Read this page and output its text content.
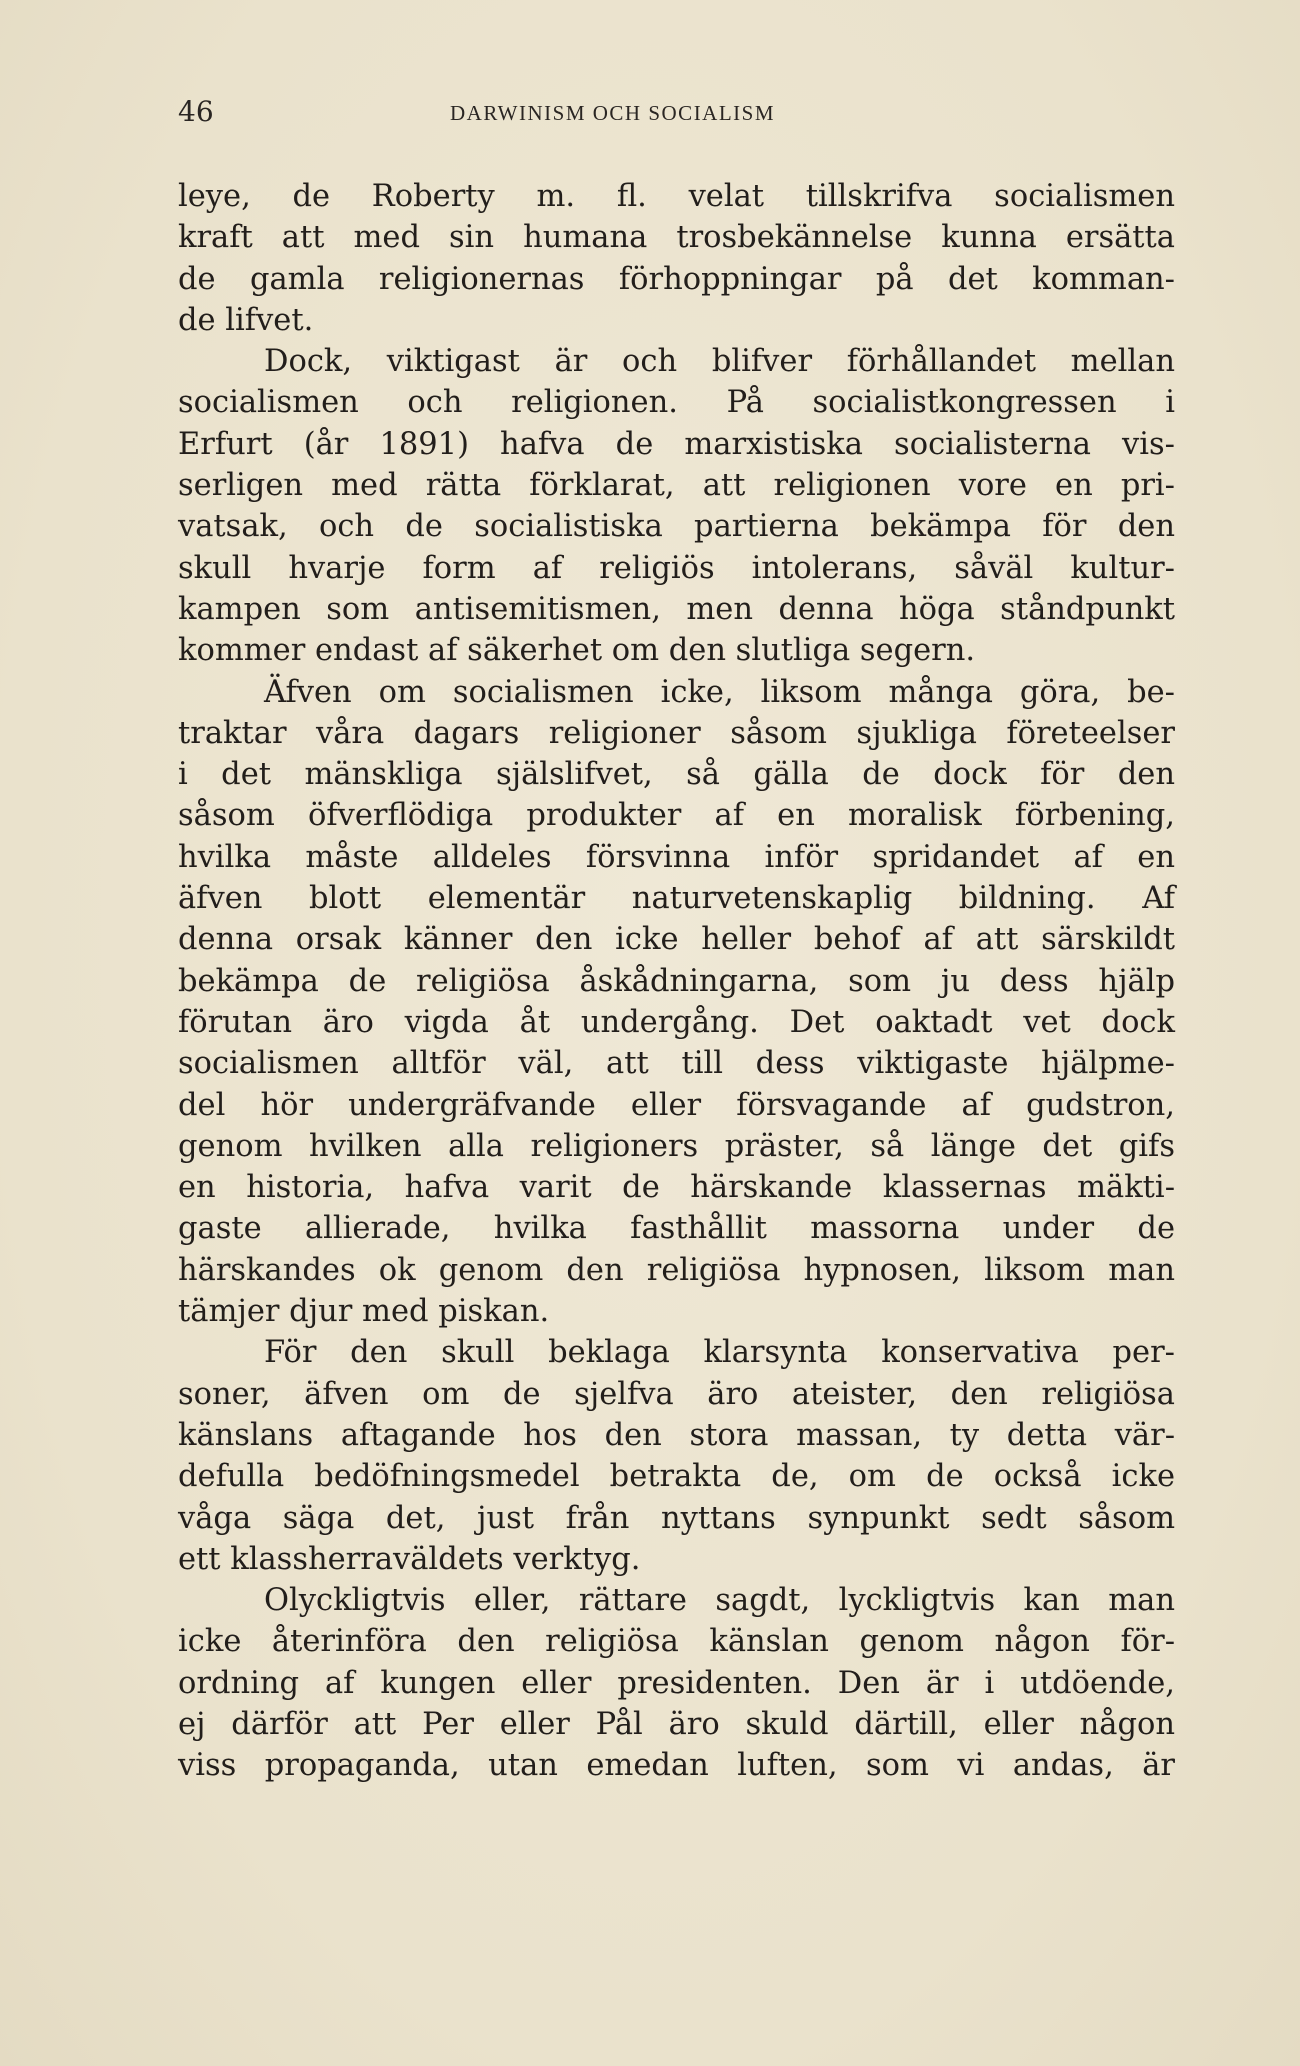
46	DARWINISM OCH SOCIALISM
leye, de Roberty m. fl. velat tillskrifva socialismen
kraft att med sin humana trosbekännelse kunna ersätta
de gamla religionernas förhoppningar på det komman-
de lifvet.
Dock, viktigast är och blifver förhållandet mellan
socialismen och religionen. På socialistkongressen i
Erfurt (år 1891) hafva de marxistiska socialisterna vis-
serligen med rätta förklarat, att religionen vore en pri-
vatsak, och de socialistiska partierna bekämpa för den
skull hvarje form af religiös intolerans, såväl kultur-
kampen som antisemitismen, men denna höga ståndpunkt
kommer endast af säkerhet om den slutliga segern.
Äfven om socialismen icke, liksom många göra, be-
traktar våra dagars religioner såsom sjukliga företeelser
i det mänskliga själslifvet, så gälla de dock för den
såsom öfverflödiga produkter af en moralisk förbening,
hvilka måste alldeles försvinna inför spridandet af en
äfven blott elementär naturvetenskaplig bildning. Af
denna orsak känner den icke heller behof af att särskildt
bekämpa de religiösa åskådningarna, som ju dess hjälp
förutan äro vigda åt undergång. Det oaktadt vet dock
socialismen alltför väl, att till dess viktigaste hjälpme-
del hör undergräfvande eller försvagande af gudstron,
genom hvilken alla religioners präster, så länge det gifs
en historia, hafva varit de härskande klassernas mäkti-
gaste allierade, hvilka fasthållit massorna under de
härskandes ok genom den religiösa hypnosen, liksom man
tämjer djur med piskan.
För den skull beklaga klarsynta konservativa per-
soner, äfven om de sjelfva äro ateister, den religiösa
känslans aftagande hos den stora massan, ty detta vär-
defulla bedöfningsmedel betrakta de, om de också icke
våga säga det, just från nyttans synpunkt sedt såsom
ett klassherraväldets verktyg.
Olyckligtvis eller, rättare sagdt, lyckligtvis kan man
icke återinföra den religiösa känslan genom någon för-
ordning af kungen eller presidenten. Den är i utdöende,
ej därför att Per eller Pål äro skuld därtill, eller någon
viss propaganda, utan emedan luften, som vi andas, är
